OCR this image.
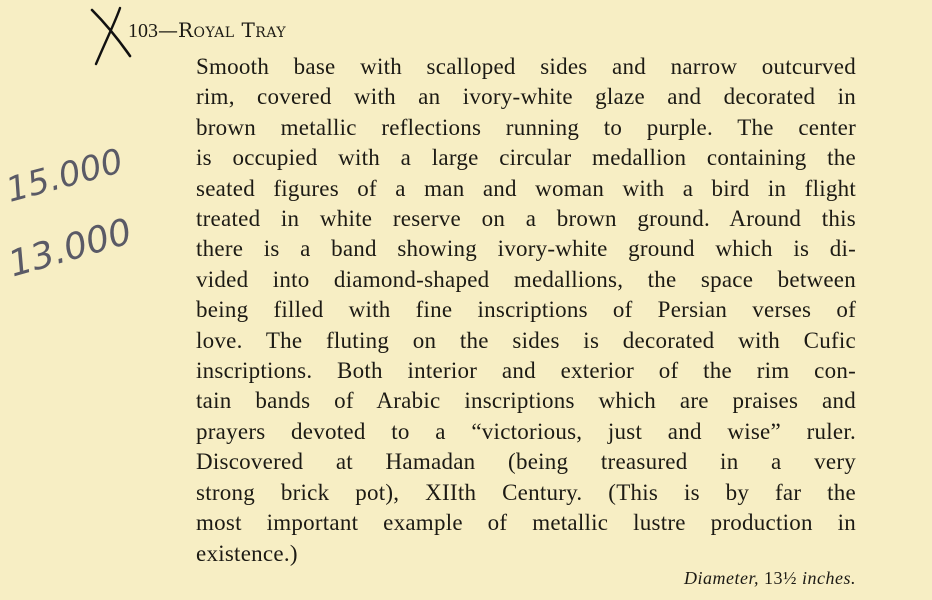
103—Royal Tray
Smooth base with scalloped sides and narrow outcurved
rim, covered with an ivory-white glaze and decorated in
brown metallic reflections running to purple. The center
is occupied with a large circular medallion containing the
seated figures of a man and woman with a bird in flight
treated in white reserve on a brown ground. Around this
there is a band showing ivory-white ground which is di-
vided into diamond-shaped medallions, the space between
being filled with fine inscriptions of Persian verses of
love. The fluting on the sides is decorated with Cufic
inscriptions. Both interior and exterior of the rim con-
tain bands of Arabic inscriptions which are praises and
prayers devoted to a “victorious, just and wise” ruler.
Discovered at Hamadan (being treasured in a very
strong brick pot), XIIth Century. (This is by far the
most important example of metallic lustre production in
existence.)
Diameter, 13½ inches.
15.000
13.000
